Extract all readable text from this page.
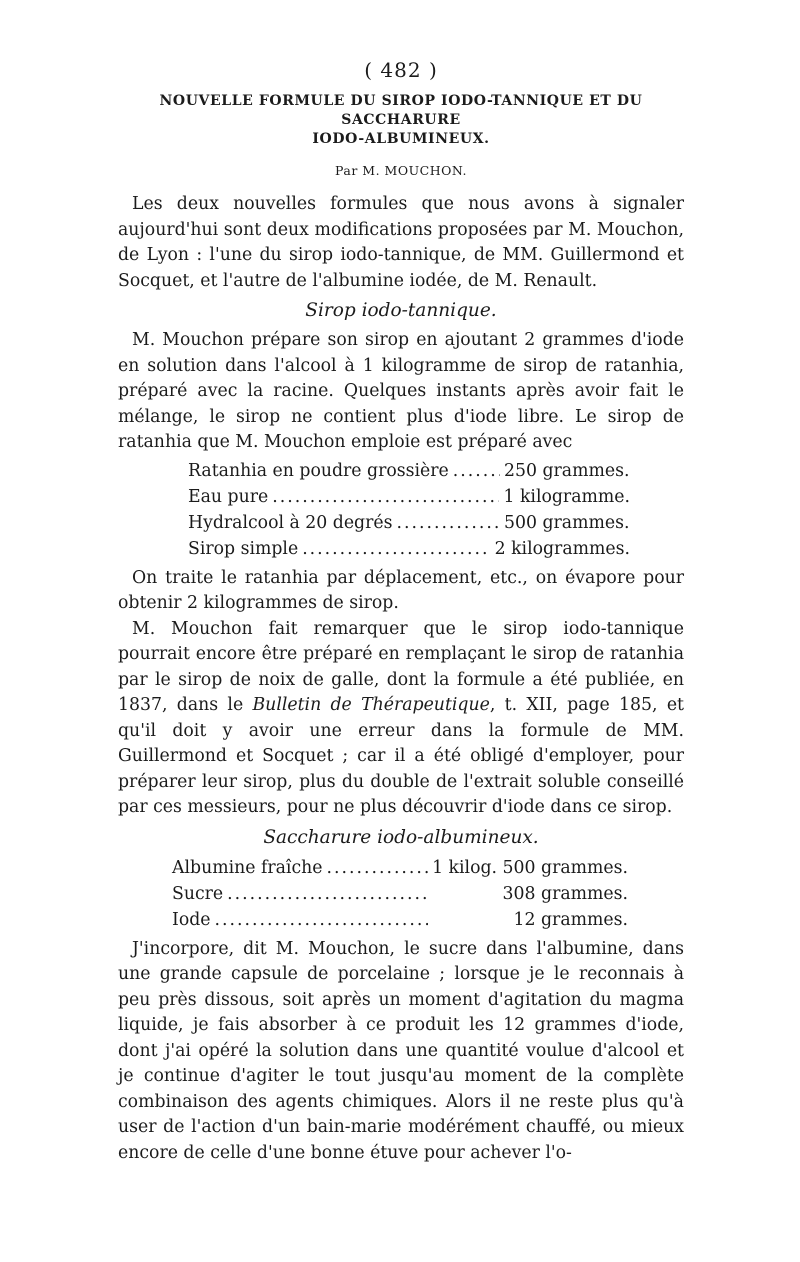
( 482 )

NOUVELLE FORMULE DU SIROP IODO-TANNIQUE ET DU SACCHARURE

IODO-ALBUMINEUX.

Par M. MOUCHON.

Les deux nouvelles formules que nous avons à signaler aujourd'hui sont deux modifications proposées par M. Mouchon, de Lyon : l'une du sirop iodo-tannique, de MM. Guillermond et Socquet, et l'autre de l'albumine iodée, de M. Renault.

Sirop iodo-tannique.

M. Mouchon prépare son sirop en ajoutant 2 grammes d'iode en solution dans l'alcool à 1 kilogramme de sirop de ratanhia, préparé avec la racine. Quelques instants après avoir fait le mélange, le sirop ne contient plus d'iode libre. Le sirop de ratanhia que M. Mouchon emploie est préparé avec

Ratanhia en poudre grossière .....	250 grammes.
Eau pure .....	1 kilogramme.
Hydralcool à 20 degrés .....	500 grammes.
Sirop simple .....	2 kilogrammes.

On traite le ratanhia par déplacement, etc., on évapore pour obtenir 2 kilogrammes de sirop.

M. Mouchon fait remarquer que le sirop iodo-tannique pourrait encore être préparé en remplaçant le sirop de ratanhia par le sirop de noix de galle, dont la formule a été publiée, en 1837, dans le Bulletin de Thérapeutique, t. XII, page 185, et qu'il doit y avoir une erreur dans la formule de MM. Guillermond et Socquet ; car il a été obligé d'employer, pour préparer leur sirop, plus du double de l'extrait soluble conseillé par ces messieurs, pour ne plus découvrir d'iode dans ce sirop.

Saccharure iodo-albumineux.
Albumine fraîche .....	1 kilog. 500 grammes.
Sucre .....	308 grammes.
Iode .....	12 grammes.

J'incorpore, dit M. Mouchon, le sucre dans l'albumine, dans une grande capsule de porcelaine ; lorsque je le reconnais à peu près dissous, soit après un moment d'agitation du magma liquide, je fais absorber à ce produit les 12 grammes d'iode, dont j'ai opéré la solution dans une quantité voulue d'alcool et je continue d'agiter le tout jusqu'au moment de la complète combinaison des agents chimiques. Alors il ne reste plus qu'à user de l'action d'un bain-marie modérément chauffé, ou mieux encore de celle d'une bonne étuve pour achever l'o-
